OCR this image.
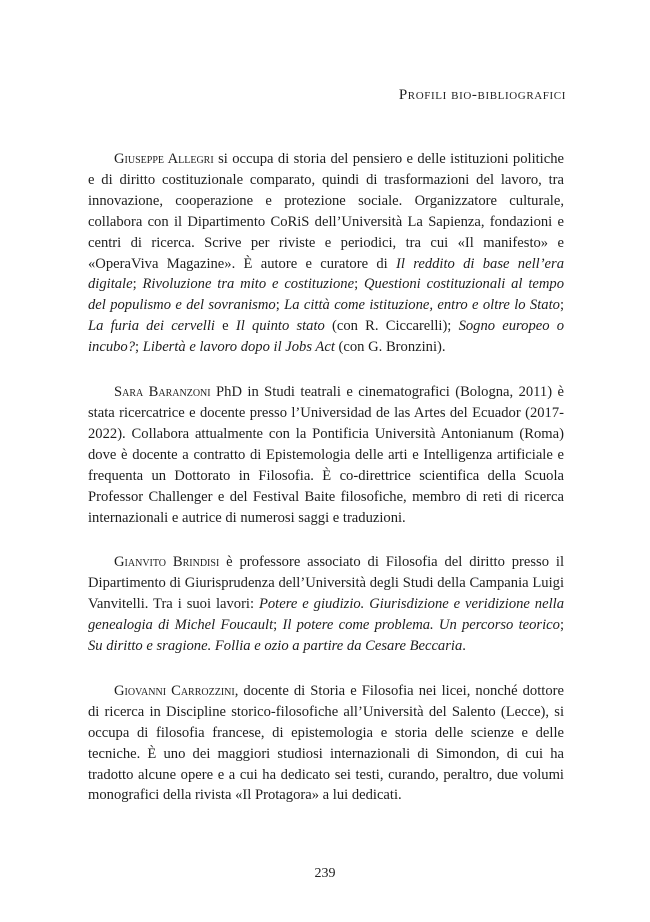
Profili bio-bibliografici

Giuseppe Allegri si occupa di storia del pensiero e delle istituzioni politiche e di diritto costituzionale comparato, quindi di trasformazioni del lavoro, tra innovazione, cooperazione e protezione sociale. Organizzatore culturale, collabora con il Dipartimento CoRiS dell’Università La Sapienza, fondazioni e centri di ricerca. Scrive per riviste e periodici, tra cui «Il manifesto» e «OperaViva Magazine». È autore e curatore di Il reddito di base nell’era digitale; Rivoluzione tra mito e costituzione; Questioni costituzionali al tempo del populismo e del sovranismo; La città come istituzione, entro e oltre lo Stato; La furia dei cervelli e Il quinto stato (con R. Ciccarelli); Sogno europeo o incubo?; Libertà e lavoro dopo il Jobs Act (con G. Bronzini).

Sara Baranzoni PhD in Studi teatrali e cinematografici (Bologna, 2011) è stata ricercatrice e docente presso l’Universidad de las Artes del Ecuador (2017-2022). Collabora attualmente con la Pontificia Università Antonianum (Roma) dove è docente a contratto di Epistemologia delle arti e Intelligenza artificiale e frequenta un Dottorato in Filosofia. È co-direttrice scientifica della Scuola Professor Challenger e del Festival Baite filosofiche, membro di reti di ricerca internazionali e autrice di numerosi saggi e traduzioni.

Gianvito Brindisi è professore associato di Filosofia del diritto presso il Dipartimento di Giurisprudenza dell’Università degli Studi della Campania Luigi Vanvitelli. Tra i suoi lavori: Potere e giudizio. Giurisdizione e veridizione nella genealogia di Michel Foucault; Il potere come problema. Un percorso teorico; Su diritto e sragione. Follia e ozio a partire da Cesare Beccaria.

Giovanni Carrozzini, docente di Storia e Filosofia nei licei, nonché dottore di ricerca in Discipline storico-filosofiche all’Università del Salento (Lecce), si occupa di filosofia francese, di epistemologia e storia delle scienze e delle tecniche. È uno dei maggiori studiosi internazionali di Simondon, di cui ha tradotto alcune opere e a cui ha dedicato sei testi, curando, peraltro, due volumi monografici della rivista «Il Protagora» a lui dedicati.

239
